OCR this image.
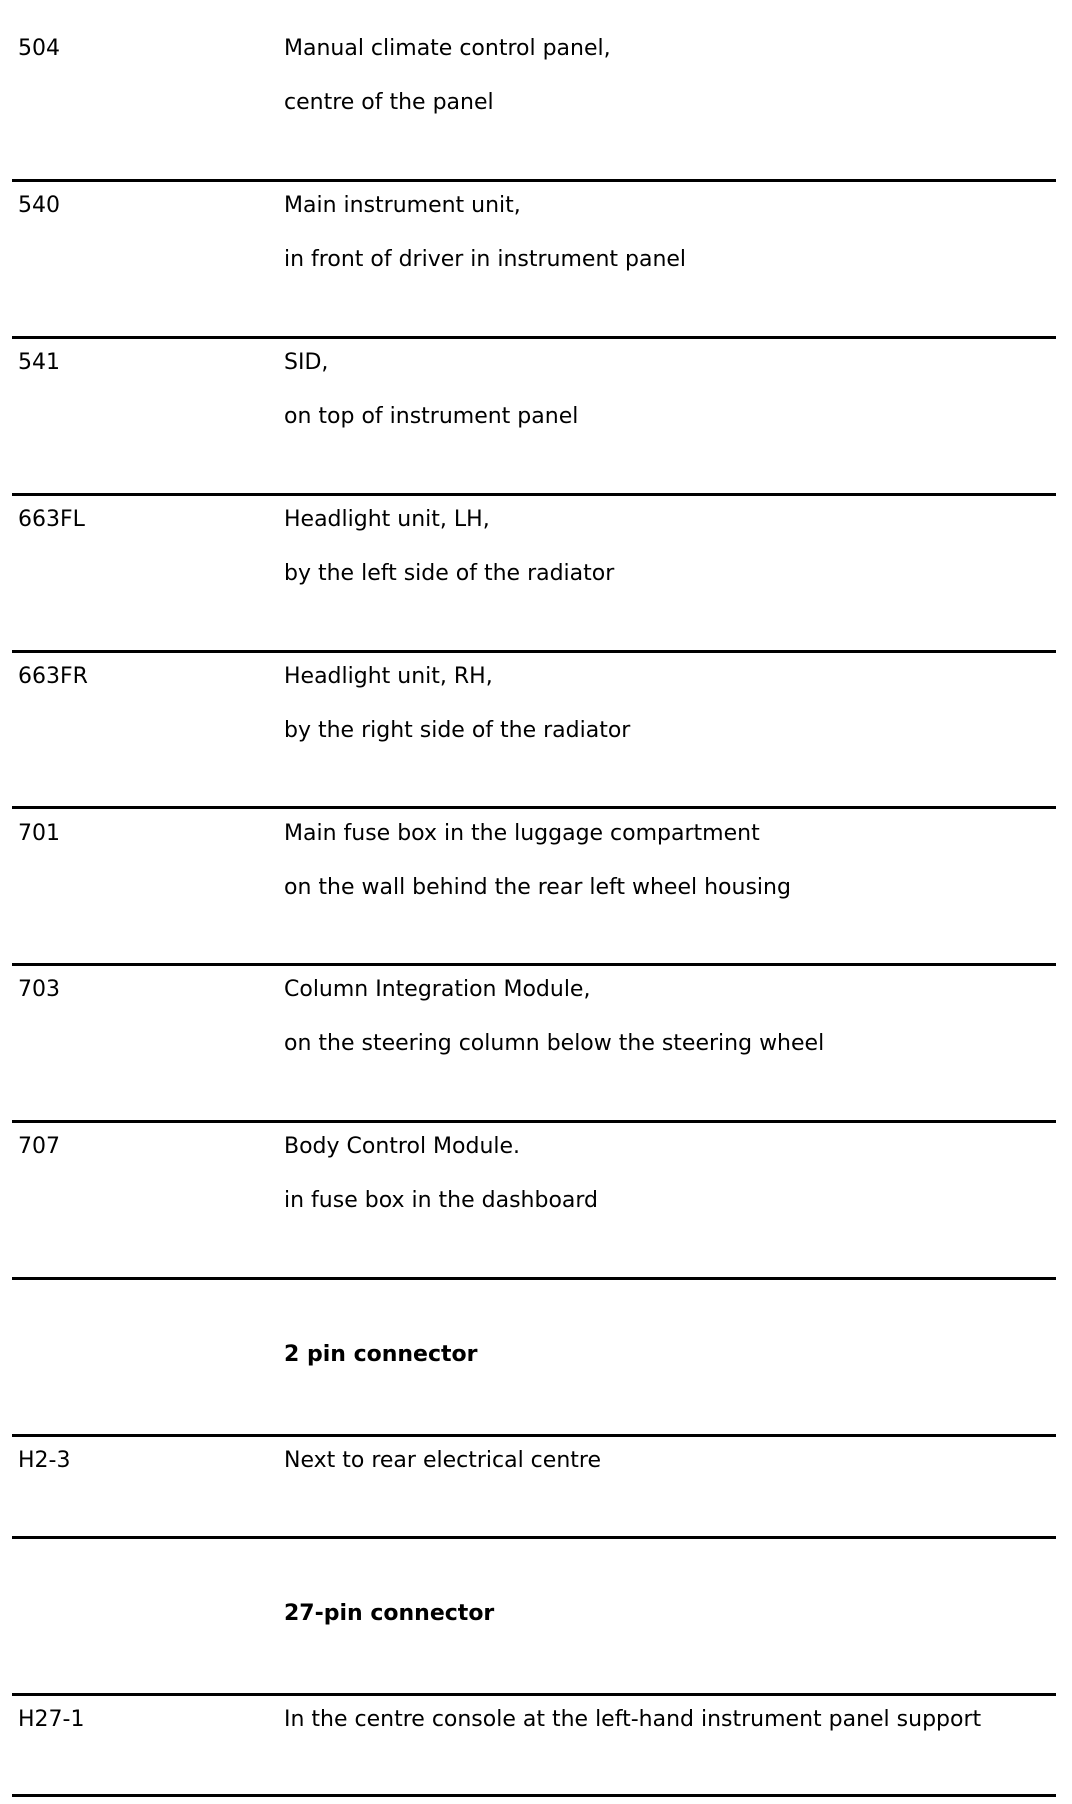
504	Manual climate control panel,
centre of the panel
540	Main instrument unit,
in front of driver in instrument panel
541	SID,
on top of instrument panel
663FL	Headlight unit, LH,
by the left side of the radiator
663FR	Headlight unit, RH,
by the right side of the radiator
701	Main fuse box in the luggage compartment
on the wall behind the rear left wheel housing
703	Column Integration Module,
on the steering column below the steering wheel
707	Body Control Module.
in fuse box in the dashboard
2 pin connector
H2-3	Next to rear electrical centre
27-pin connector
H27-1	In the centre console at the left-hand instrument panel support
